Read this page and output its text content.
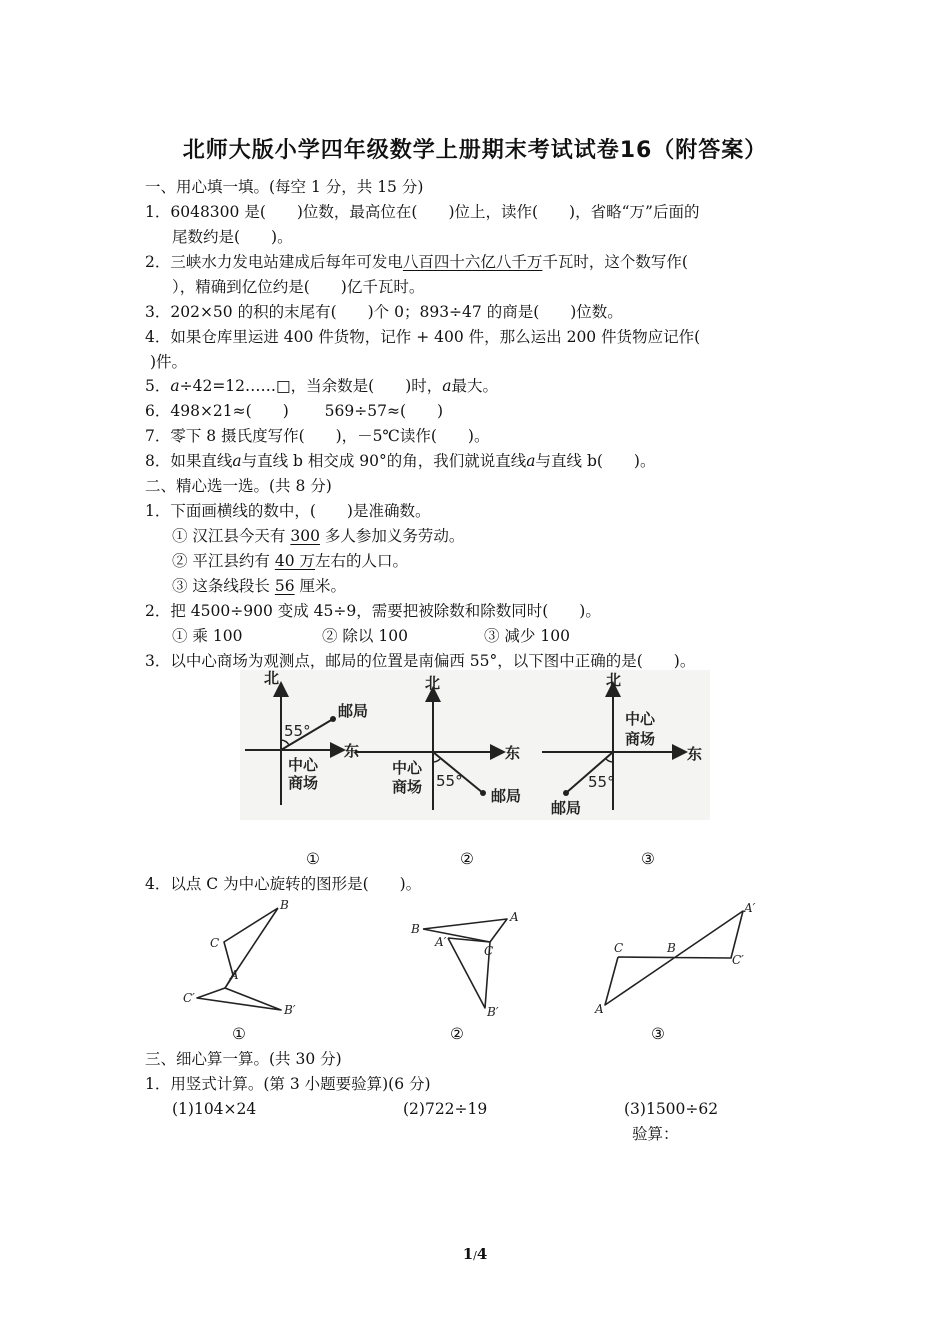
北师大版小学四年级数学上册期末考试试卷16（附答案）
一、用心填一填。(每空 1 分，共 15 分)
1．6048300 是(　　)位数，最高位在(　　)位上，读作(　　)，省略“万”后面的
尾数约是(　　)。
2．三峡水力发电站建成后每年可发电八百四十六亿八千万千瓦时，这个数写作(
），精确到亿位约是(　　)亿千瓦时。
3．202×50 的积的末尾有(　　)个 0；893÷47 的商是(　　)位数。
4．如果仓库里运进 400 件货物，记作 + 400 件，那么运出 200 件货物应记作(
)件。
5．𝑎÷42=12……□，当余数是(　　)时，𝑎最大。
6．498×21≈(　　)　　 569÷57≈(　　)
7．零下 8 摄氏度写作(　　)，－5℃读作(　　)。
8．如果直线𝑎与直线 b 相交成 90°的角，我们就说直线𝑎与直线 b(　　)。
二、精心选一选。(共 8 分)
1．下面画横线的数中，(　　)是准确数。
① 汉江县今天有 300 多人参加义务劳动。
② 平江县约有 40 万左右的人口。
③ 这条线段长 56 厘米。
2．把 4500÷900 变成 45÷9，需要把被除数和除数同时(　　)。
① 乘 100	② 除以 100	③ 减少 100
3．以中心商场为观测点，邮局的位置是南偏西 55°，以下图中正确的是(　　)。
北
东
邮局
55°
中心
商场
北
东
邮局
55°
中心
商场
北
东
邮局
55°
中心
商场
①	②	③
4．以点 C 为中心旋转的图形是(　　)。
B
C
A
C′
B′
B
A
A′
C
B′
C	B
A
A′
C′
①	②	③
三、细心算一算。(共 30 分)
1．用竖式计算。(第 3 小题要验算)(6 分)
(1)104×24	(2)722÷19	(3)1500÷62
验算：
1/4
